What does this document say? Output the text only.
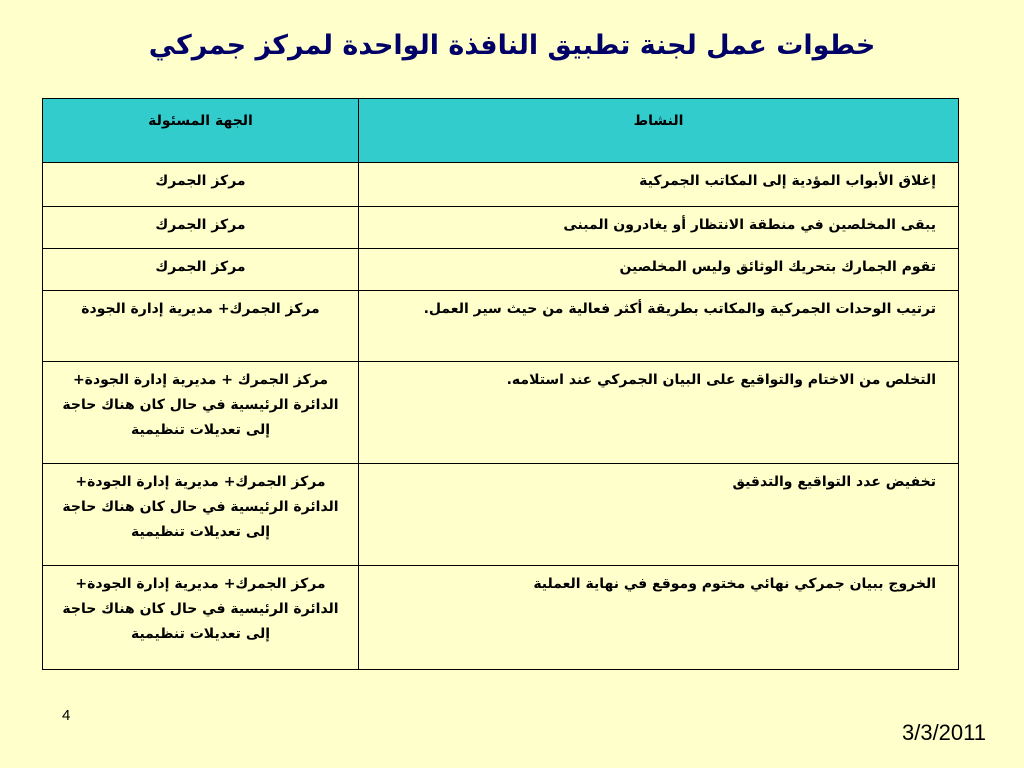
خطوات عمل لجنة تطبيق النافذة الواحدة لمركز جمركي
النشاط	الجهة المسئولة
إغلاق الأبواب المؤدية إلى المكاتب الجمركية	مركز الجمرك
يبقى المخلصين في منطقة الانتظار أو يغادرون المبنى	مركز الجمرك
تقوم الجمارك بتحريك الوثائق وليس المخلصين	مركز الجمرك
ترتيب الوحدات الجمركية والمكاتب بطريقة أكثر فعالية من حيث سير العمل.	مركز الجمرك+ مديرية إدارة الجودة
التخلص من الاختام والتواقيع على البيان الجمركي عند استلامه.	مركز الجمرك + مديرية إدارة الجودة+ الدائرة الرئيسية في حال كان هناك حاجة إلى تعديلات تنظيمية
تخفيض عدد التواقيع والتدقيق	مركز الجمرك+ مديرية إدارة الجودة+ الدائرة الرئيسية في حال كان هناك حاجة إلى تعديلات تنظيمية
الخروج ببيان جمركي نهائي مختوم وموقع في نهاية العملية	مركز الجمرك+ مديرية إدارة الجودة+ الدائرة الرئيسية في حال كان هناك حاجة إلى تعديلات تنظيمية
4
3/3/2011
